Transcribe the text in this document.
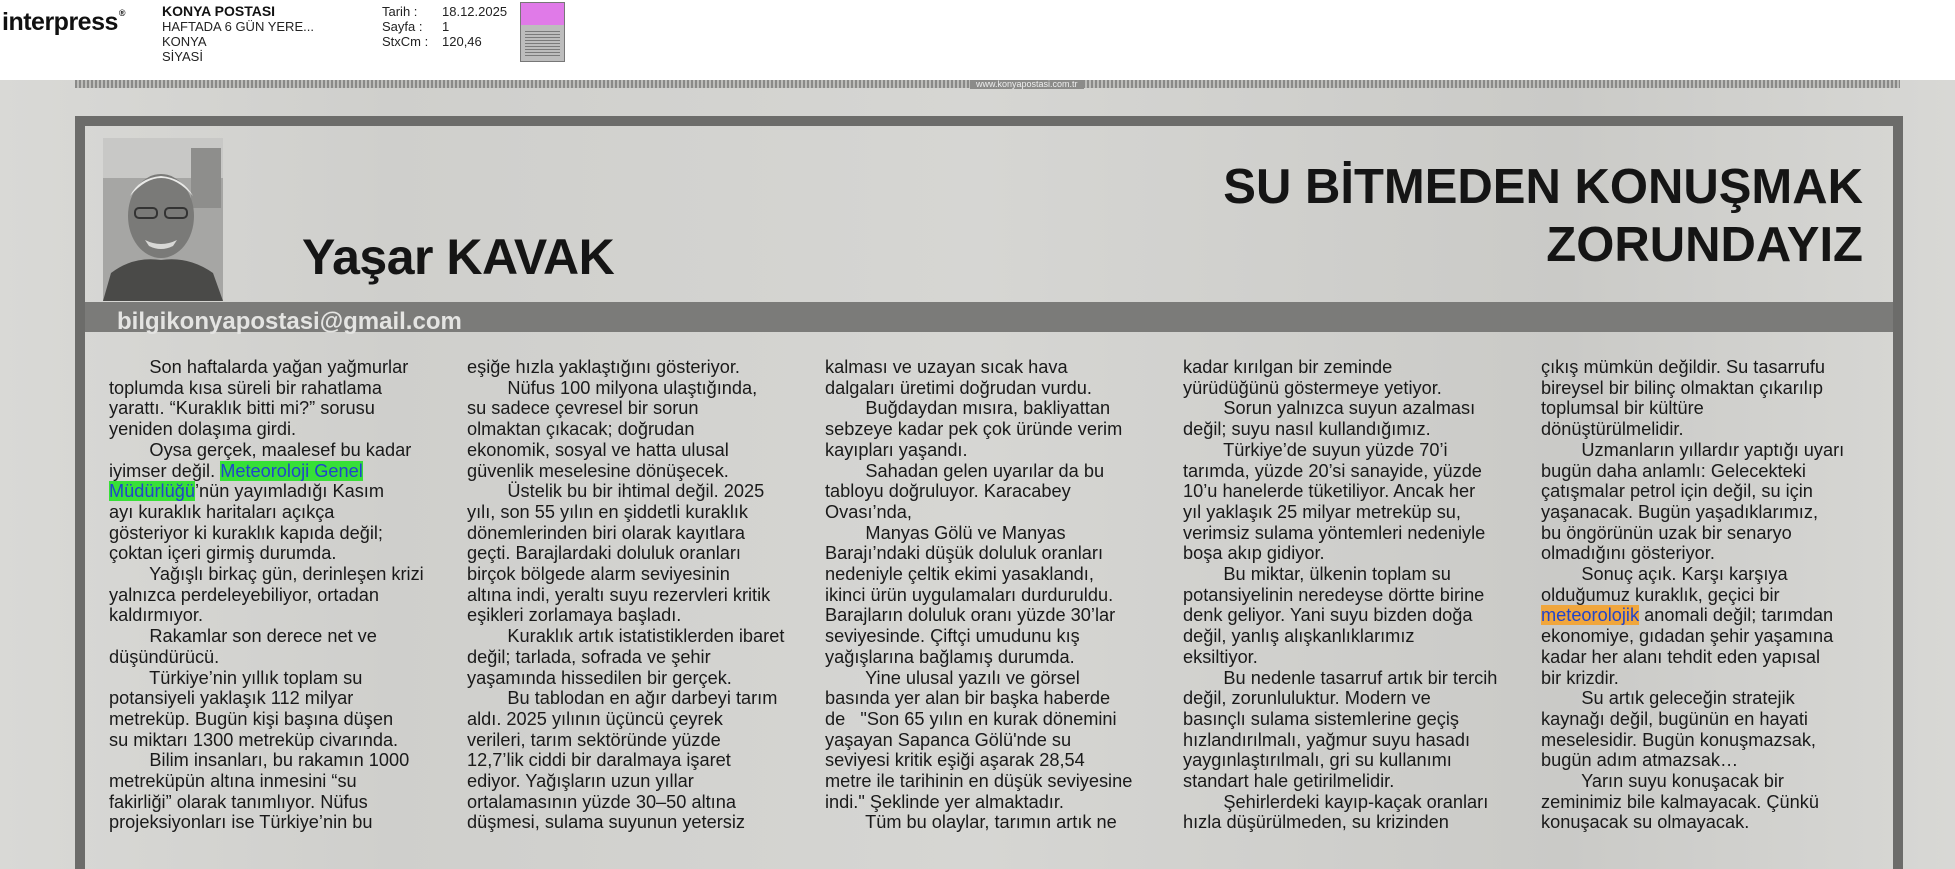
interpress®	KONYA POSTASI
HAFTADA 6 GÜN YERE...
KONYA
SİYASİ
Tarih :	18.12.2025
Sayfa :	1
StxCm :	120,46
www.konyapostasi.com.tr
Yaşar KAVAK
SU BİTMEDEN KONUŞMAK
ZORUNDAYIZ
bilgikonyapostasi@gmail.com
Son haftalarda yağan yağmurlar
toplumda kısa süreli bir rahatlama
yarattı. “Kuraklık bitti mi?” sorusu
yeniden dolaşıma girdi.
Oysa gerçek, maalesef bu kadar
iyimser değil. Meteoroloji Genel
Müdürlüğü’nün yayımladığı Kasım
ayı kuraklık haritaları açıkça
gösteriyor ki kuraklık kapıda değil;
çoktan içeri girmiş durumda.
Yağışlı birkaç gün, derinleşen krizi
yalnızca perdeleyebiliyor, ortadan
kaldırmıyor.
Rakamlar son derece net ve
düşündürücü.
Türkiye’nin yıllık toplam su
potansiyeli yaklaşık 112 milyar
metreküp. Bugün kişi başına düşen
su miktarı 1300 metreküp civarında.
Bilim insanları, bu rakamın 1000
metreküpün altına inmesini “su
fakirliği” olarak tanımlıyor. Nüfus
projeksiyonları ise Türkiye’nin bu
eşiğe hızla yaklaştığını gösteriyor.
Nüfus 100 milyona ulaştığında,
su sadece çevresel bir sorun
olmaktan çıkacak; doğrudan
ekonomik, sosyal ve hatta ulusal
güvenlik meselesine dönüşecek.
Üstelik bu bir ihtimal değil. 2025
yılı, son 55 yılın en şiddetli kuraklık
dönemlerinden biri olarak kayıtlara
geçti. Barajlardaki doluluk oranları
birçok bölgede alarm seviyesinin
altına indi, yeraltı suyu rezervleri kritik
eşikleri zorlamaya başladı.
Kuraklık artık istatistiklerden ibaret
değil; tarlada, sofrada ve şehir
yaşamında hissedilen bir gerçek.
Bu tablodan en ağır darbeyi tarım
aldı. 2025 yılının üçüncü çeyrek
verileri, tarım sektöründe yüzde
12,7’lik ciddi bir daralmaya işaret
ediyor. Yağışların uzun yıllar
ortalamasının yüzde 30–50 altına
düşmesi, sulama suyunun yetersiz
kalması ve uzayan sıcak hava
dalgaları üretimi doğrudan vurdu.
Buğdaydan mısıra, bakliyattan
sebzeye kadar pek çok üründe verim
kayıpları yaşandı.
Sahadan gelen uyarılar da bu
tabloyu doğruluyor. Karacabey
Ovası’nda,
Manyas Gölü ve Manyas
Barajı’ndaki düşük doluluk oranları
nedeniyle çeltik ekimi yasaklandı,
ikinci ürün uygulamaları durduruldu.
Barajların doluluk oranı yüzde 30’lar
seviyesinde. Çiftçi umudunu kış
yağışlarına bağlamış durumda.
Yine ulusal yazılı ve görsel
basında yer alan bir başka haberde
de   "Son 65 yılın en kurak dönemini
yaşayan Sapanca Gölü'nde su
seviyesi kritik eşiği aşarak 28,54
metre ile tarihinin en düşük seviyesine
indi." Şeklinde yer almaktadır.
Tüm bu olaylar, tarımın artık ne
kadar kırılgan bir zeminde
yürüdüğünü göstermeye yetiyor.
Sorun yalnızca suyun azalması
değil; suyu nasıl kullandığımız.
Türkiye’de suyun yüzde 70’i
tarımda, yüzde 20’si sanayide, yüzde
10’u hanelerde tüketiliyor. Ancak her
yıl yaklaşık 25 milyar metreküp su,
verimsiz sulama yöntemleri nedeniyle
boşa akıp gidiyor.
Bu miktar, ülkenin toplam su
potansiyelinin neredeyse dörtte birine
denk geliyor. Yani suyu bizden doğa
değil, yanlış alışkanlıklarımız
eksiltiyor.
Bu nedenle tasarruf artık bir tercih
değil, zorunluluktur. Modern ve
basınçlı sulama sistemlerine geçiş
hızlandırılmalı, yağmur suyu hasadı
yaygınlaştırılmalı, gri su kullanımı
standart hale getirilmelidir.
Şehirlerdeki kayıp-kaçak oranları
hızla düşürülmeden, su krizinden
çıkış mümkün değildir. Su tasarrufu
bireysel bir bilinç olmaktan çıkarılıp
toplumsal bir kültüre
dönüştürülmelidir.
Uzmanların yıllardır yaptığı uyarı
bugün daha anlamlı: Gelecekteki
çatışmalar petrol için değil, su için
yaşanacak. Bugün yaşadıklarımız,
bu öngörünün uzak bir senaryo
olmadığını gösteriyor.
Sonuç açık. Karşı karşıya
olduğumuz kuraklık, geçici bir
meteorolojik anomali değil; tarımdan
ekonomiye, gıdadan şehir yaşamına
kadar her alanı tehdit eden yapısal
bir krizdir.
Su artık geleceğin stratejik
kaynağı değil, bugünün en hayati
meselesidir. Bugün konuşmazsak,
bugün adım atmazsak…
Yarın suyu konuşacak bir
zeminimiz bile kalmayacak. Çünkü
konuşacak su olmayacak.
